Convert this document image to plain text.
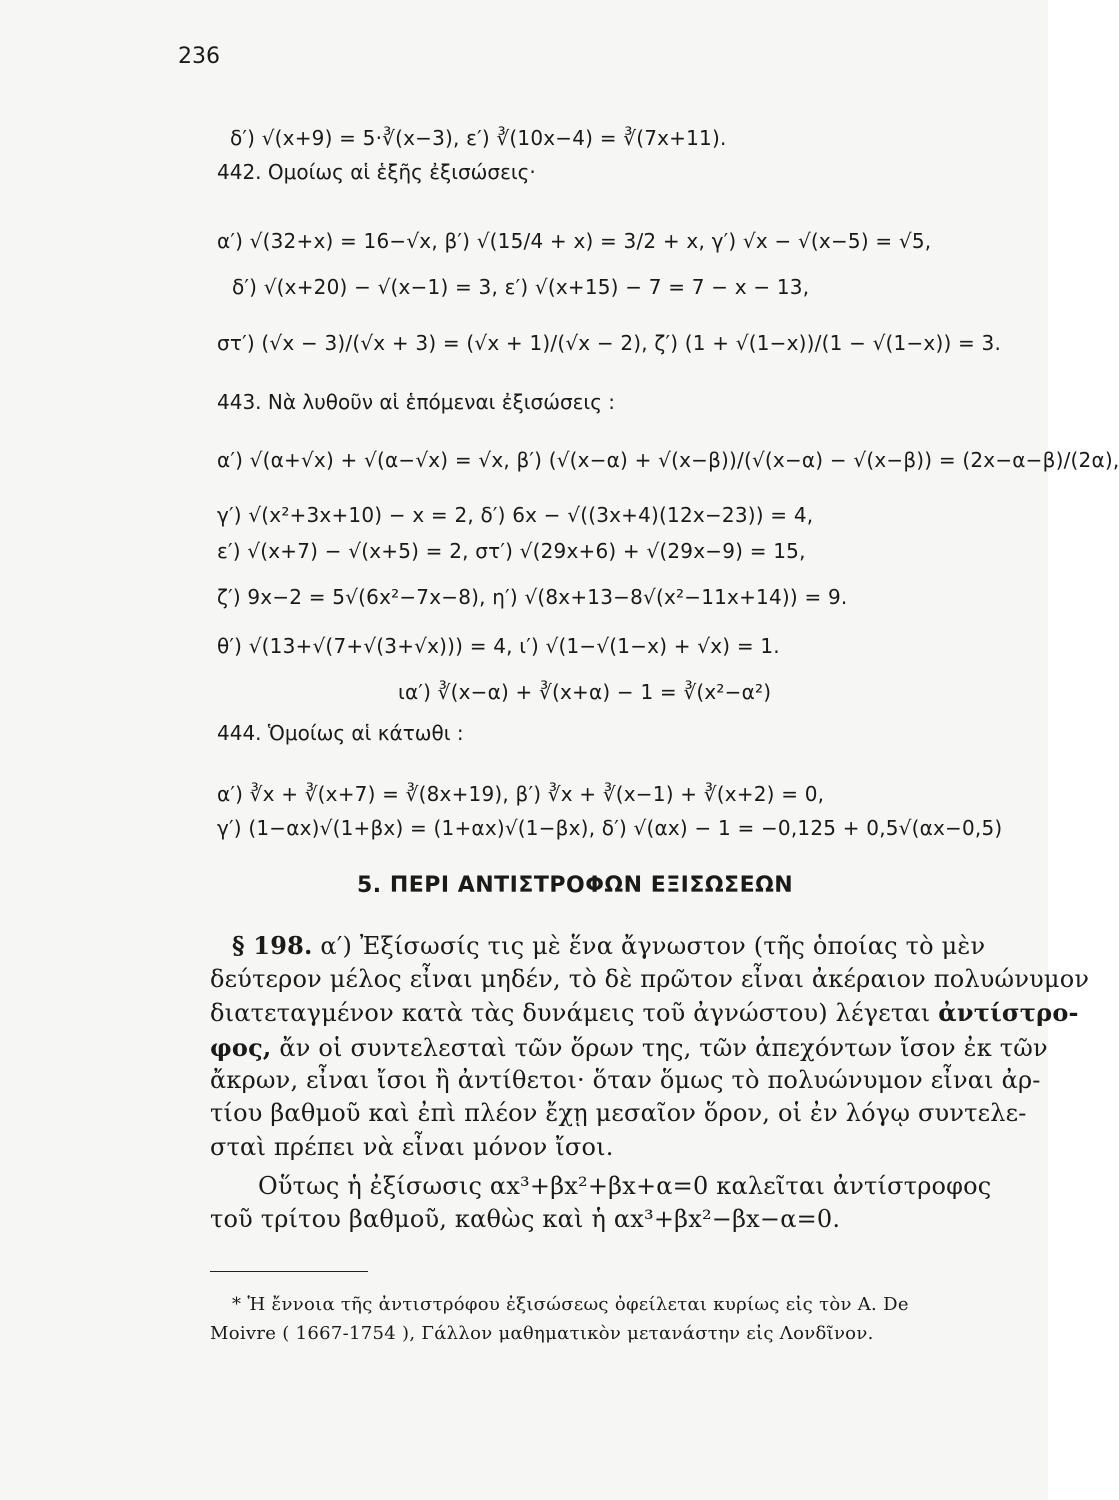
236
δ′) √(x+9) = 5·∛(x−3), ε′) ∛(10x−4) = ∛(7x+11).
442. Ομοίως αἱ ἑξῆς ἐξισώσεις·
α′) √(32+x) = 16−√x, β′) √(15/4 + x) = 3/2 + x, γ′) √x − √(x−5) = √5,
δ′) √(x+20) − √(x−1) = 3, ε′) √(x+15) − 7 = 7 − x − 13,
στ′) (√x − 3)/(√x + 3) = (√x + 1)/(√x − 2), ζ′) (1 + √(1−x))/(1 − √(1−x)) = 3.
443. Νὰ λυθοῦν αἱ ἑπόμεναι ἐξισώσεις :
α′) √(α+√x) + √(α−√x) = √x, β′) (√(x−α) + √(x−β))/(√(x−α) − √(x−β)) = (2x−α−β)/(2α),
γ′) √(x²+3x+10) − x = 2, δ′) 6x − √((3x+4)(12x−23)) = 4,
ε′) √(x+7) − √(x+5) = 2, στ′) √(29x+6) + √(29x−9) = 15,
ζ′) 9x−2 = 5√(6x²−7x−8), η′) √(8x+13−8√(x²−11x+14)) = 9.
θ′) √(13+√(7+√(3+√x))) = 4, ι′) √(1−√(1−x) + √x) = 1.
ια′) ∛(x−α) + ∛(x+α) − 1 = ∛(x²−α²)
444. Ὁμοίως αἱ κάτωθι :
α′) ∛x + ∛(x+7) = ∛(8x+19), β′) ∛x + ∛(x−1) + ∛(x+2) = 0,
γ′) (1−αx)√(1+βx) = (1+αx)√(1−βx), δ′) √(αx) − 1 = −0,125 + 0,5√(αx−0,5)
5. ΠΕΡΙ ΑΝΤΙΣΤΡΟΦΩΝ ΕΞΙΣΩΣΕΩΝ
§ 198. α′) Ἐξίσωσίς τις μὲ ἕνα ἄγνωστον (τῆς ὁποίας τὸ μὲν
δεύτερον μέλος εἶναι μηδέν, τὸ δὲ πρῶτον εἶναι ἀκέραιον πολυώνυμον
διατεταγμένον κατὰ τὰς δυνάμεις τοῦ ἀγνώστου) λέγεται ἀντίστρο-
φος, ἄν οἱ συντελεσταὶ τῶν ὅρων της, τῶν ἀπεχόντων ἴσον ἐκ τῶν
ἄκρων, εἶναι ἴσοι ἢ ἀντίθετοι· ὅταν ὅμως τὸ πολυώνυμον εἶναι ἀρ-
τίου βαθμοῦ καὶ ἐπὶ πλέον ἔχῃ μεσαῖον ὅρον, οἱ ἐν λόγῳ συντελε-
σταὶ πρέπει νὰ εἶναι μόνον ἴσοι.
Οὕτως ἡ ἐξίσωσις αx³+βx²+βx+α=0 καλεῖται ἀντίστροφος
τοῦ τρίτου βαθμοῦ, καθὼς καὶ ἡ αx³+βx²−βx−α=0.
* Ἡ ἔννοια τῆς ἀντιστρόφου ἐξισώσεως ὀφείλεται κυρίως εἰς τὸν Α. De
Moivre ( 1667-1754 ), Γάλλον μαθηματικὸν μετανάστην εἰς Λονδῖνον.
